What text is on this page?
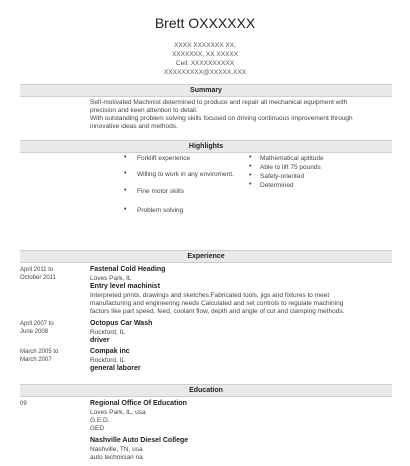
Brett OXXXXXX
XXXX XXXXXXX XX,
XXXXXXX, XX XXXXX
Cell: XXXXXXXXXX
XXXXXXXXX@XXXXX.XXX
Summary
Self-motivated Machinist determined to produce and repair all mechanical equipment with
precision and keen attention to detail.
With outstanding problem solving skills focused on driving continuous improvement through
innovative ideas and methods.
Highlights
• Forklift experience
• Willing to work in any enviroment.
• Fine motor skills
• Problem solving
• Mathematical aptitude
• Able to lift 75 pounds
• Safety-oriented
• Determined
Experience
April 2011 to
October 2011
Fastenal Cold Heading
Loves Park, IL
Entry level machinist
Interpreted prints, drawings and sketches.Fabricated tools, jigs and fixtures to meet
manufacturing and engineering needs Calculated and set controls to regulate machining
factors like part speed, feed, coolant flow, depth and angle of cut and clamping methods.
April 2007 to
June 2008
Octopus Car Wash
Rockford, IL
driver
March 2005 to
March 2007
Compak inc
Rockford, IL
general laborer
Education
09	Regional Office Of Education
Loves Park, IL, usa
G.E.D.
GED
Nashville Auto Diesel College
Nashville, TN, usa
auto technician na
